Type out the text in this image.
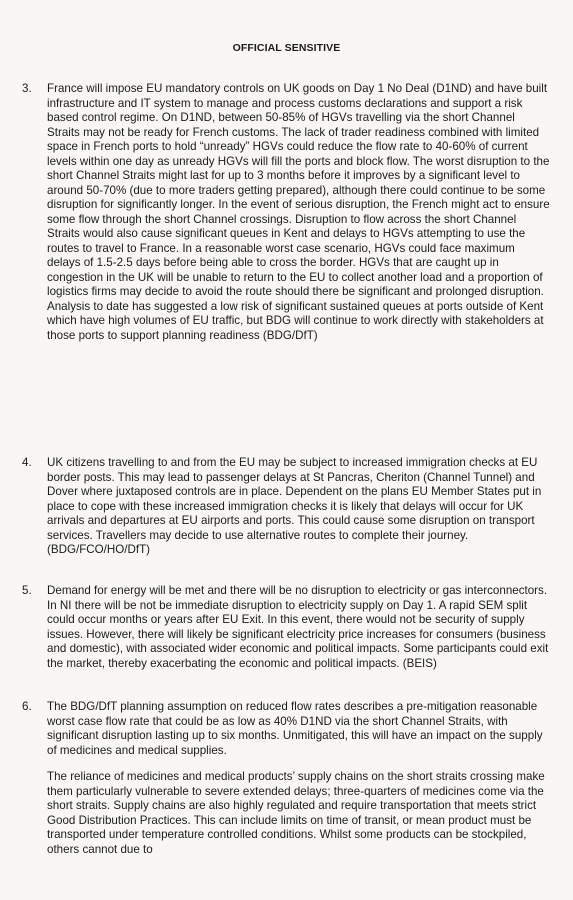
OFFICIAL SENSITIVE
3.	France will impose EU mandatory controls on UK goods on Day 1 No Deal (D1ND) and have built infrastructure and IT system to manage and process customs declarations and support a risk based control regime. On D1ND, between 50-85% of HGVs travelling via the short Channel Straits may not be ready for French customs. The lack of trader readiness combined with limited space in French ports to hold “unready” HGVs could reduce the flow rate to 40-60% of current levels within one day as unready HGVs will fill the ports and block flow. The worst disruption to the short Channel Straits might last for up to 3 months before it improves by a significant level to around 50-70% (due to more traders getting prepared), although there could continue to be some disruption for significantly longer. In the event of serious disruption, the French might act to ensure some flow through the short Channel crossings. Disruption to flow across the short Channel Straits would also cause significant queues in Kent and delays to HGVs attempting to use the routes to travel to France. In a reasonable worst case scenario, HGVs could face maximum delays of 1.5-2.5 days before being able to cross the border. HGVs that are caught up in congestion in the UK will be unable to return to the EU to collect another load and a proportion of logistics firms may decide to avoid the route should there be significant and prolonged disruption. Analysis to date has suggested a low risk of significant sustained queues at ports outside of Kent which have high volumes of EU traffic, but BDG will continue to work directly with stakeholders at those ports to support planning readiness (BDG/DfT)
4.	UK citizens travelling to and from the EU may be subject to increased immigration checks at EU border posts. This may lead to passenger delays at St Pancras, Cheriton (Channel Tunnel) and Dover where juxtaposed controls are in place. Dependent on the plans EU Member States put in place to cope with these increased immigration checks it is likely that delays will occur for UK arrivals and departures at EU airports and ports. This could cause some disruption on transport services. Travellers may decide to use alternative routes to complete their journey. (BDG/FCO/HO/DfT)
5.	Demand for energy will be met and there will be no disruption to electricity or gas interconnectors. In NI there will be not be immediate disruption to electricity supply on Day 1. A rapid SEM split could occur months or years after EU Exit. In this event, there would not be security of supply issues. However, there will likely be significant electricity price increases for consumers (business and domestic), with associated wider economic and political impacts. Some participants could exit the market, thereby exacerbating the economic and political impacts. (BEIS)
6.	The BDG/DfT planning assumption on reduced flow rates describes a pre-mitigation reasonable worst case flow rate that could be as low as 40% D1ND via the short Channel Straits, with significant disruption lasting up to six months. Unmitigated, this will have an impact on the supply of medicines and medical supplies.
The reliance of medicines and medical products’ supply chains on the short straits crossing make them particularly vulnerable to severe extended delays; three-quarters of medicines come via the short straits. Supply chains are also highly regulated and require transportation that meets strict Good Distribution Practices. This can include limits on time of transit, or mean product must be transported under temperature controlled conditions. Whilst some products can be stockpiled, others cannot due to
